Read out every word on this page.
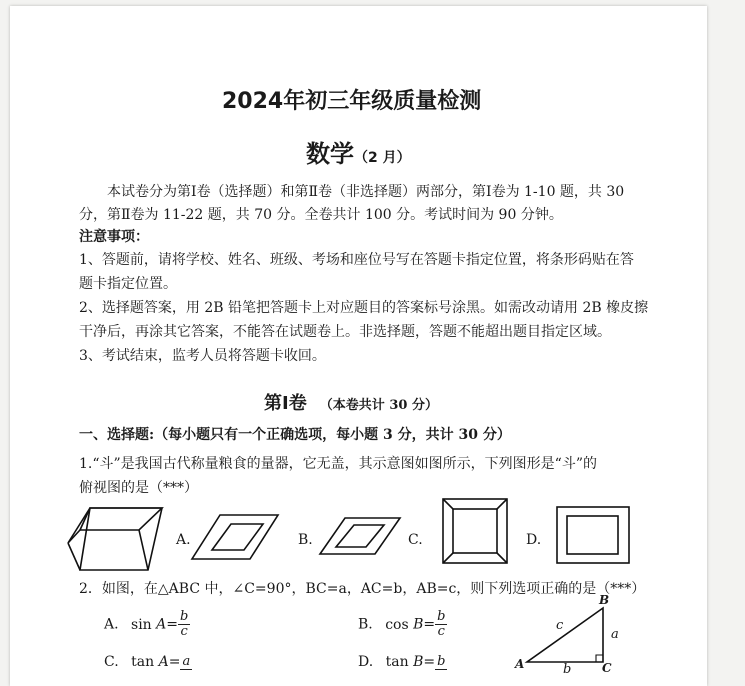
2024年初三年级质量检测
数学（2 月）
本试卷分为第Ⅰ卷（选择题）和第Ⅱ卷（非选择题）两部分，第Ⅰ卷为 1-10 题，共 30
分，第Ⅱ卷为 11-22 题，共 70 分。全卷共计 100 分。考试时间为 90 分钟。
注意事项：
1、答题前，请将学校、姓名、班级、考场和座位号写在答题卡指定位置，将条形码贴在答
题卡指定位置。
2、选择题答案，用 2B 铅笔把答题卡上对应题目的答案标号涂黑。如需改动请用 2B 橡皮擦
干净后，再涂其它答案，不能答在试题卷上。非选择题，答题不能超出题目指定区域。
3、考试结束，监考人员将答题卡收回。
第Ⅰ卷 （本卷共计 30 分）
一、选择题:（每小题只有一个正确选项，每小题 3 分，共计 30 分）
1.“斗”是我国古代称量粮食的量器，它无盖，其示意图如图所示，下列图形是“斗”的
俯视图的是（***）
A.	B.	C.	D.
2．如图，在△ABC 中，∠C=90°，BC=a，AC=b，AB=c，则下列选项正确的是（***）
A. $\sin A= \frac{b}{c}$	B. $\cos B= \frac{b}{c}$
C. tan A= a	D. tan B= b
B
A	C
c
a
b
